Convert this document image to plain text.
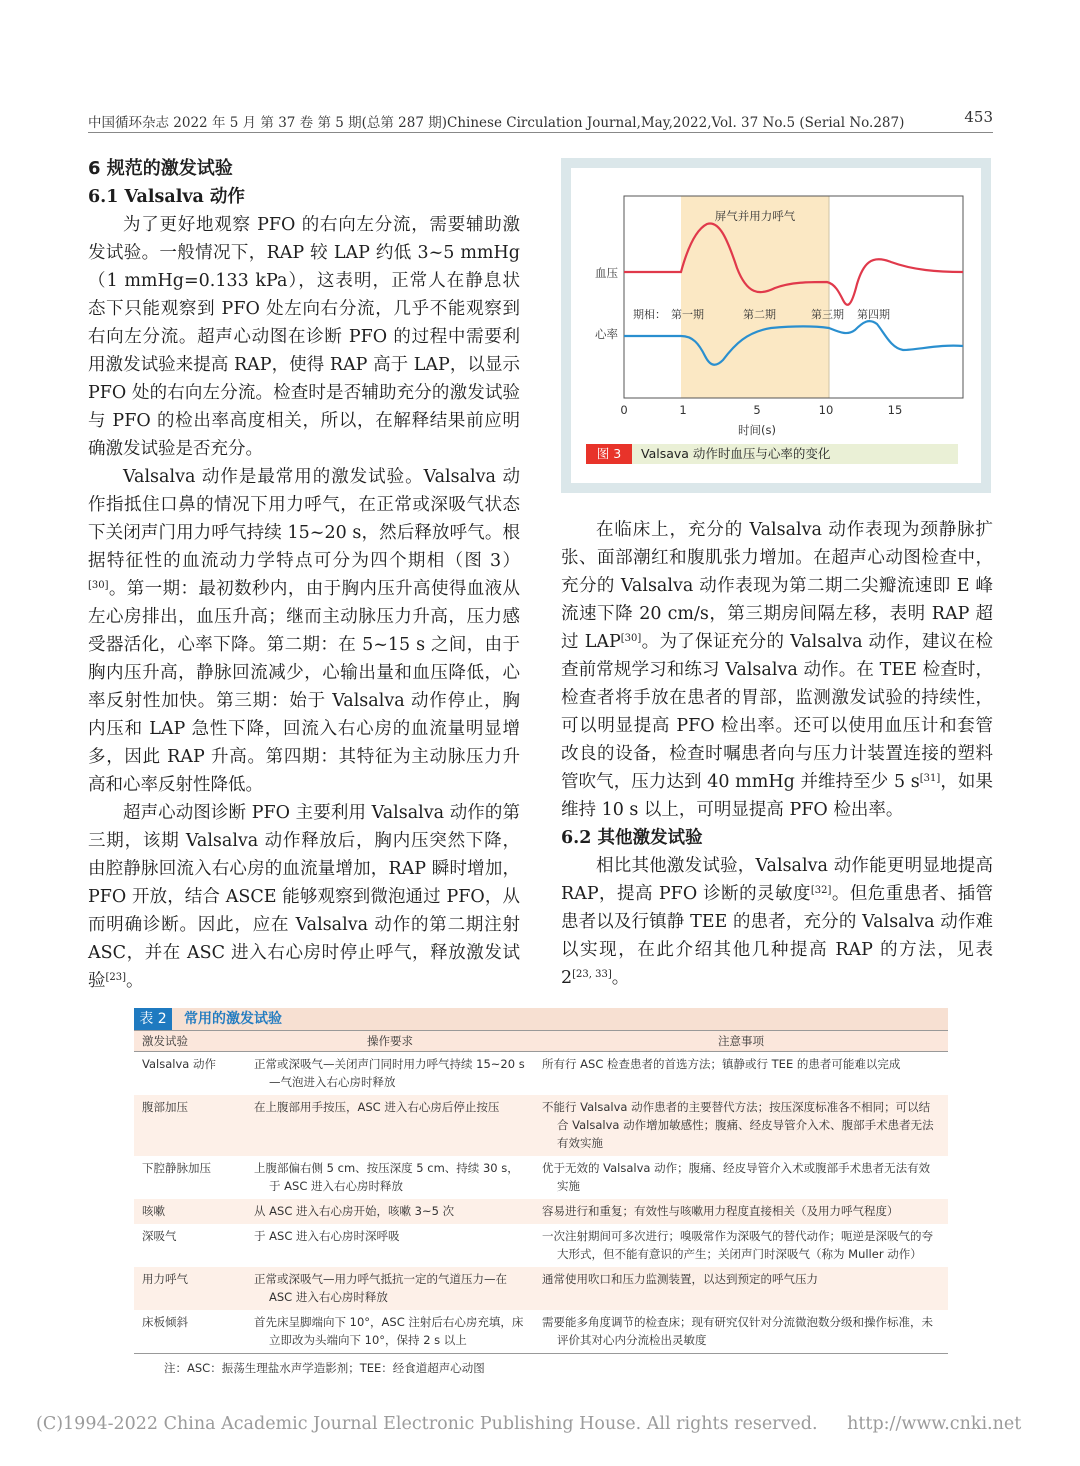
中国循环杂志 2022 年 5 月 第 37 卷 第 5 期(总第 287 期)Chinese Circulation Journal,May,2022,Vol. 37 No.5 (Serial No.287)	453
6 规范的激发试验
6.1 Valsalva 动作

为了更好地观察 PFO 的右向左分流，需要辅助激发试验。一般情况下，RAP 较 LAP 约低 3~5 mmHg（1 mmHg=0.133 kPa），这表明，正常人在静息状态下只能观察到 PFO 处左向右分流，几乎不能观察到右向左分流。超声心动图在诊断 PFO 的过程中需要利用激发试验来提高 RAP，使得 RAP 高于 LAP，以显示 PFO 处的右向左分流。检查时是否辅助充分的激发试验与 PFO 的检出率高度相关，所以，在解释结果前应明确激发试验是否充分。

Valsalva 动作是最常用的激发试验。Valsalva 动作指抵住口鼻的情况下用力呼气，在正常或深吸气状态下关闭声门用力呼气持续 15~20 s，然后释放呼气。根据特征性的血流动力学特点可分为四个期相（图 3）[30]。第一期：最初数秒内，由于胸内压升高使得血液从左心房排出，血压升高；继而主动脉压力升高，压力感受器活化，心率下降。第二期：在 5~15 s 之间，由于胸内压升高，静脉回流减少，心输出量和血压降低，心率反射性加快。第三期：始于 Valsalva 动作停止，胸内压和 LAP 急性下降，回流入右心房的血流量明显增多，因此 RAP 升高。第四期：其特征为主动脉压力升高和心率反射性降低。

超声心动图诊断 PFO 主要利用 Valsalva 动作的第三期，该期 Valsalva 动作释放后，胸内压突然下降，由腔静脉回流入右心房的血流量增加，RAP 瞬时增加，PFO 开放，结合 ASCE 能够观察到微泡通过 PFO，从而明确诊断。因此，应在 Valsalva 动作的第二期注射 ASC，并在 ASC 进入右心房时停止呼气，释放激发试验[23]。

屏气并用力呼气
血压
心率
期相： 第一期	第二期	第三期 第四期
0	1	5	10	15
时间(s)
图 3	Valsava 动作时血压与心率的变化

在临床上，充分的 Valsalva 动作表现为颈静脉扩张、面部潮红和腹肌张力增加。在超声心动图检查中，充分的 Valsalva 动作表现为第二期二尖瓣流速即 E 峰流速下降 20 cm/s，第三期房间隔左移，表明 RAP 超过 LAP[30]。为了保证充分的 Valsalva 动作，建议在检查前常规学习和练习 Valsalva 动作。在 TEE 检查时，检查者将手放在患者的胃部，监测激发试验的持续性，可以明显提高 PFO 检出率。还可以使用血压计和套管改良的设备，检查时嘱患者向与压力计装置连接的塑料管吹气，压力达到 40 mmHg 并维持至少 5 s[31]，如果维持 10 s 以上，可明显提高 PFO 检出率。

6.2 其他激发试验

相比其他激发试验，Valsalva 动作能更明显地提高 RAP，提高 PFO 诊断的灵敏度[32]。但危重患者、插管患者以及行镇静 TEE 的患者，充分的 Valsalva 动作难以实现，在此介绍其他几种提高 RAP 的方法，见表 2[23, 33]。

表 2	常用的激发试验
激发试验	操作要求	注意事项
Valsalva 动作	正常或深吸气—关闭声门同时用力呼气持续 15~20 s—气泡进入右心房时释放	所有行 ASC 检查患者的首选方法；镇静或行 TEE 的患者可能难以完成

腹部加压	在上腹部用手按压，ASC 进入右心房后停止按压	不能行 Valsalva 动作患者的主要替代方法；按压深度标准各不相同；可以结合 Valsalva 动作增加敏感性；腹痛、经皮导管介入术、腹部手术患者无法有效实施

下腔静脉加压	上腹部偏右侧 5 cm、按压深度 5 cm、持续 30 s，于 ASC 进入右心房时释放	优于无效的 Valsalva 动作；腹痛、经皮导管介入术或腹部手术患者无法有效实施

咳嗽	从 ASC 进入右心房开始，咳嗽 3~5 次	容易进行和重复；有效性与咳嗽用力程度直接相关（及用力呼气程度）

深吸气	于 ASC 进入右心房时深呼吸	一次注射期间可多次进行；嗅吸常作为深吸气的替代动作；呃逆是深吸气的夸大形式，但不能有意识的产生；关闭声门时深吸气（称为 Muller 动作）

用力呼气	正常或深吸气—用力呼气抵抗一定的气道压力—在 ASC 进入右心房时释放	通常使用吹口和压力监测装置，以达到预定的呼气压力

床板倾斜	首先床呈脚端向下 10°，ASC 注射后右心房充填，床立即改为头端向下 10°，保持 2 s 以上	需要能多角度调节的检查床；现有研究仅针对分流微泡数分级和操作标准，未评价其对心内分流检出灵敏度
注：ASC：振荡生理盐水声学造影剂；TEE：经食道超声心动图
(C)1994-2022 China Academic Journal Electronic Publishing House. All rights reserved. http://www.cnki.net
